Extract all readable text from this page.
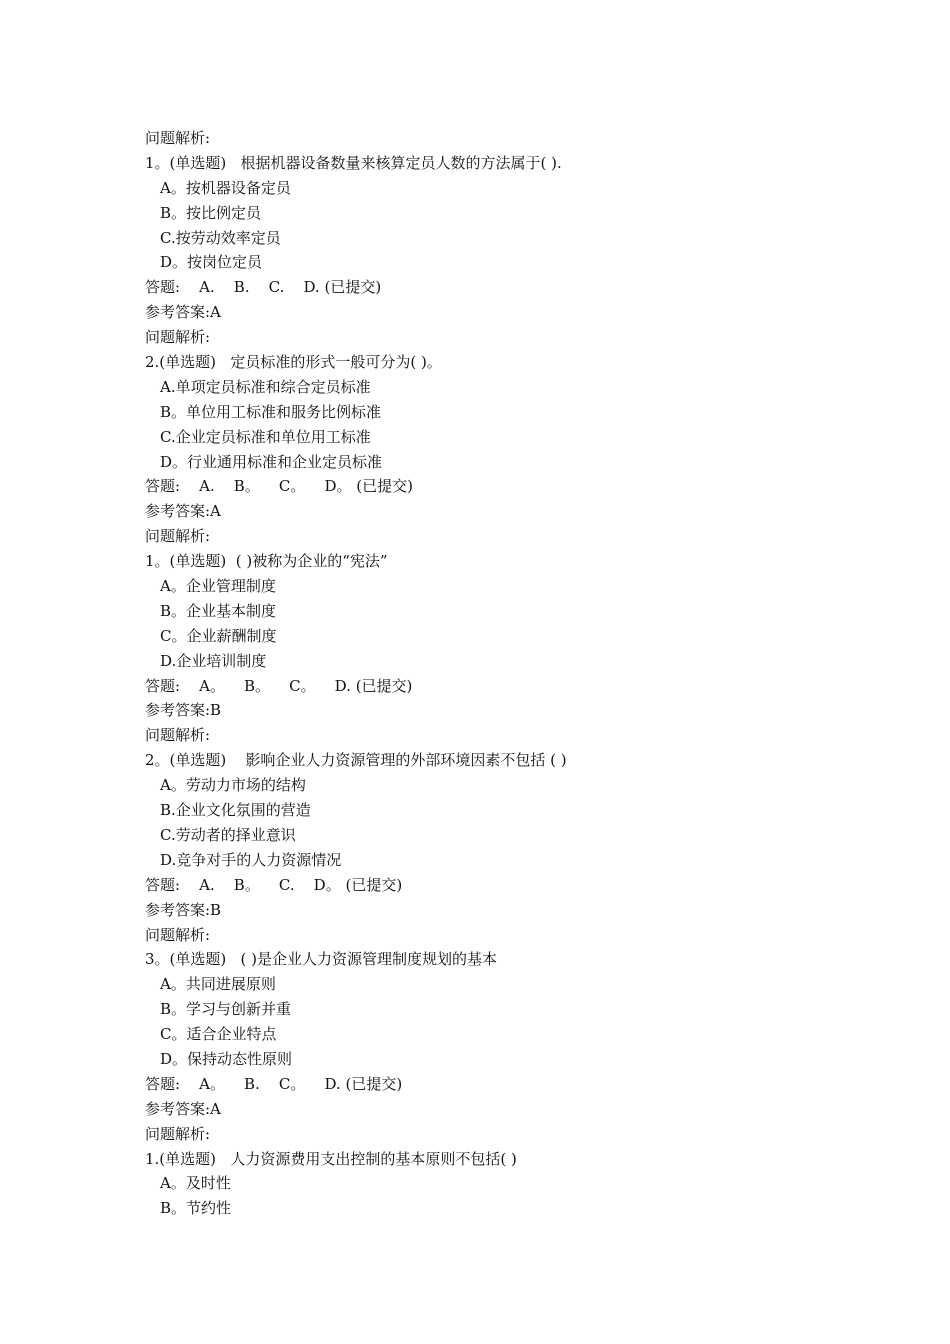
问题解析:
1。(单选题)   根据机器设备数量来核算定员人数的方法属于( ).
A。按机器设备定员
B。按比例定员
C.按劳动效率定员
D。按岗位定员
答题:    A.    B.    C.    D. (已提交)
参考答案:A
问题解析:
2.(单选题)   定员标准的形式一般可分为( )。
A.单项定员标准和综合定员标准
B。单位用工标准和服务比例标准
C.企业定员标准和单位用工标准
D。行业通用标准和企业定员标准
答题:    A.    B。    C。    D。 (已提交)
参考答案:A
问题解析:
1。(单选题)  ( )被称为企业的“宪法”
A。企业管理制度
B。企业基本制度
C。企业薪酬制度
D.企业培训制度
答题:    A。    B。    C。    D. (已提交)
参考答案:B
问题解析:
2。(单选题)    影响企业人力资源管理的外部环境因素不包括 ( )
A。劳动力市场的结构
B.企业文化氛围的营造
C.劳动者的择业意识
D.竞争对手的人力资源情况
答题:    A.    B。    C.    D。 (已提交)
参考答案:B
问题解析:
3。(单选题)   ( )是企业人力资源管理制度规划的基本
A。共同进展原则
B。学习与创新并重
C。适合企业特点
D。保持动态性原则
答题:    A。    B.    C。    D. (已提交)
参考答案:A
问题解析:
1.(单选题)   人力资源费用支出控制的基本原则不包括( )
A。及时性
B。节约性
